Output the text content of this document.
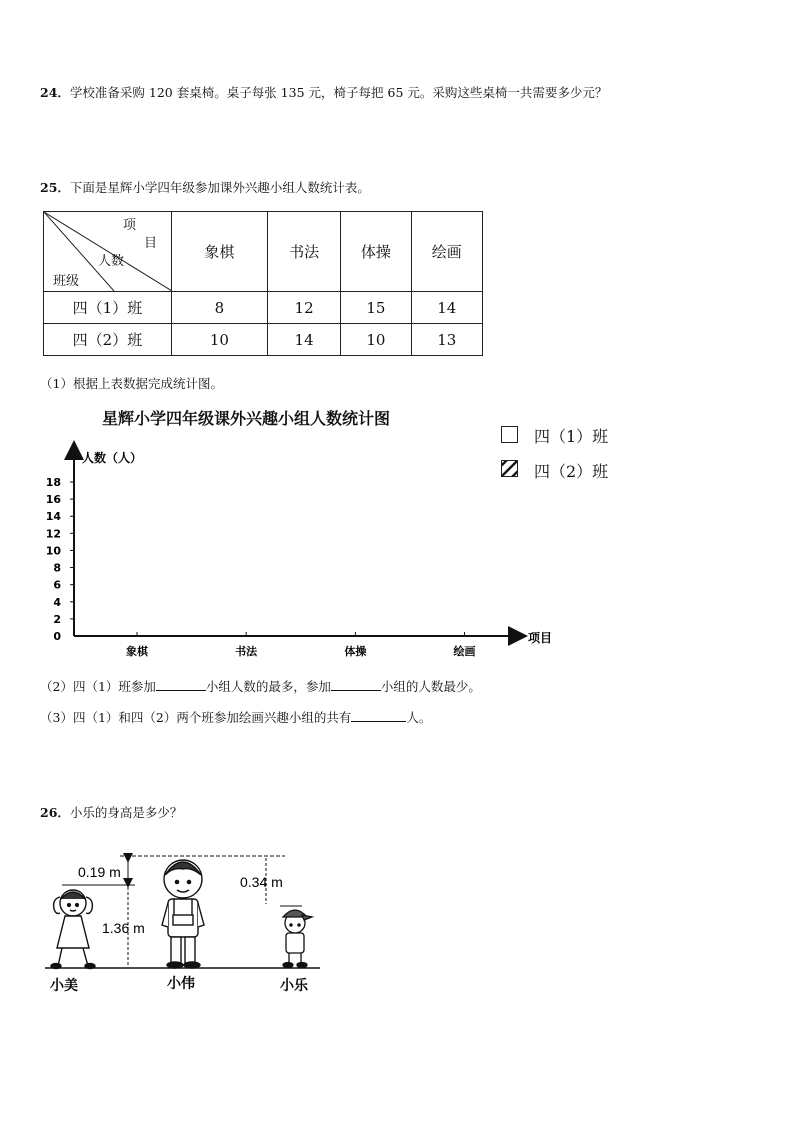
24．学校准备采购 120 套桌椅。桌子每张 135 元，椅子每把 65 元。采购这些桌椅一共需要多少元？
25．下面是星辉小学四年级参加课外兴趣小组人数统计表。
项
目
人数
班级	象棋	书法	体操	绘画
四（1）班	8	12	15	14
四（2）班	10	14	10	13
（1）根据上表数据完成统计图。
星辉小学四年级课外兴趣小组人数统计图
四（1）班
四（2）班
0
2
4
6
8
10
12
14
16
18
象棋	书法	体操	绘画
人数（人）
项目
（2）四（1）班参加	小组人数的最多，参加	小组的人数最少。
（3）四（1）和四（2）两个班参加绘画兴趣小组的共有	人。
26．小乐的身高是多少？
0.19 m
1.36 m
0.34 m
小美	小伟	小乐
